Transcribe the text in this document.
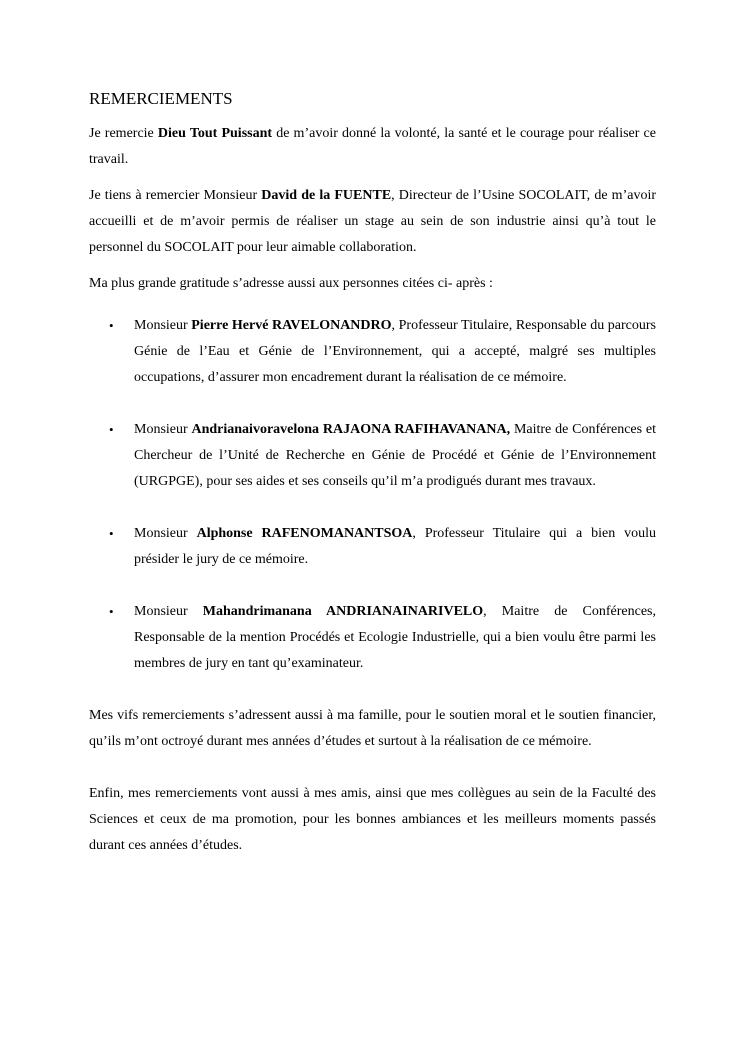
REMERCIEMENTS

Je remercie Dieu Tout Puissant de m’avoir donné la volonté, la santé et le courage pour réaliser ce travail.

Je tiens à remercier Monsieur David de la FUENTE, Directeur de l’Usine SOCOLAIT, de m’avoir accueilli et de m’avoir permis de réaliser un stage au sein de son industrie ainsi qu’à tout le personnel du SOCOLAIT pour leur aimable collaboration.

Ma plus grande gratitude s’adresse aussi aux personnes citées ci- après :

• Monsieur Pierre Hervé RAVELONANDRO, Professeur Titulaire, Responsable du parcours Génie de l’Eau et Génie de l’Environnement, qui a accepté, malgré ses multiples occupations, d’assurer mon encadrement durant la réalisation de ce mémoire.
• Monsieur Andrianaivoravelona RAJAONA RAFIHAVANANA, Maitre de Conférences et Chercheur de l’Unité de Recherche en Génie de Procédé et Génie de l’Environnement (URGPGE), pour ses aides et ses conseils qu’il m’a prodigués durant mes travaux.
• Monsieur Alphonse RAFENOMANANTSOA, Professeur Titulaire qui a bien voulu présider le jury de ce mémoire.
• Monsieur Mahandrimanana ANDRIANAINARIVELO, Maitre de Conférences, Responsable de la mention Procédés et Ecologie Industrielle, qui a bien voulu être parmi les membres de jury en tant qu’examinateur.

Mes vifs remerciements s’adressent aussi à ma famille, pour le soutien moral et le soutien financier, qu’ils m’ont octroyé durant mes années d’études et surtout à la réalisation de ce mémoire.

Enfin, mes remerciements vont aussi à mes amis, ainsi que mes collègues au sein de la Faculté des Sciences et ceux de ma promotion, pour les bonnes ambiances et les meilleurs moments passés durant ces années d’études.
